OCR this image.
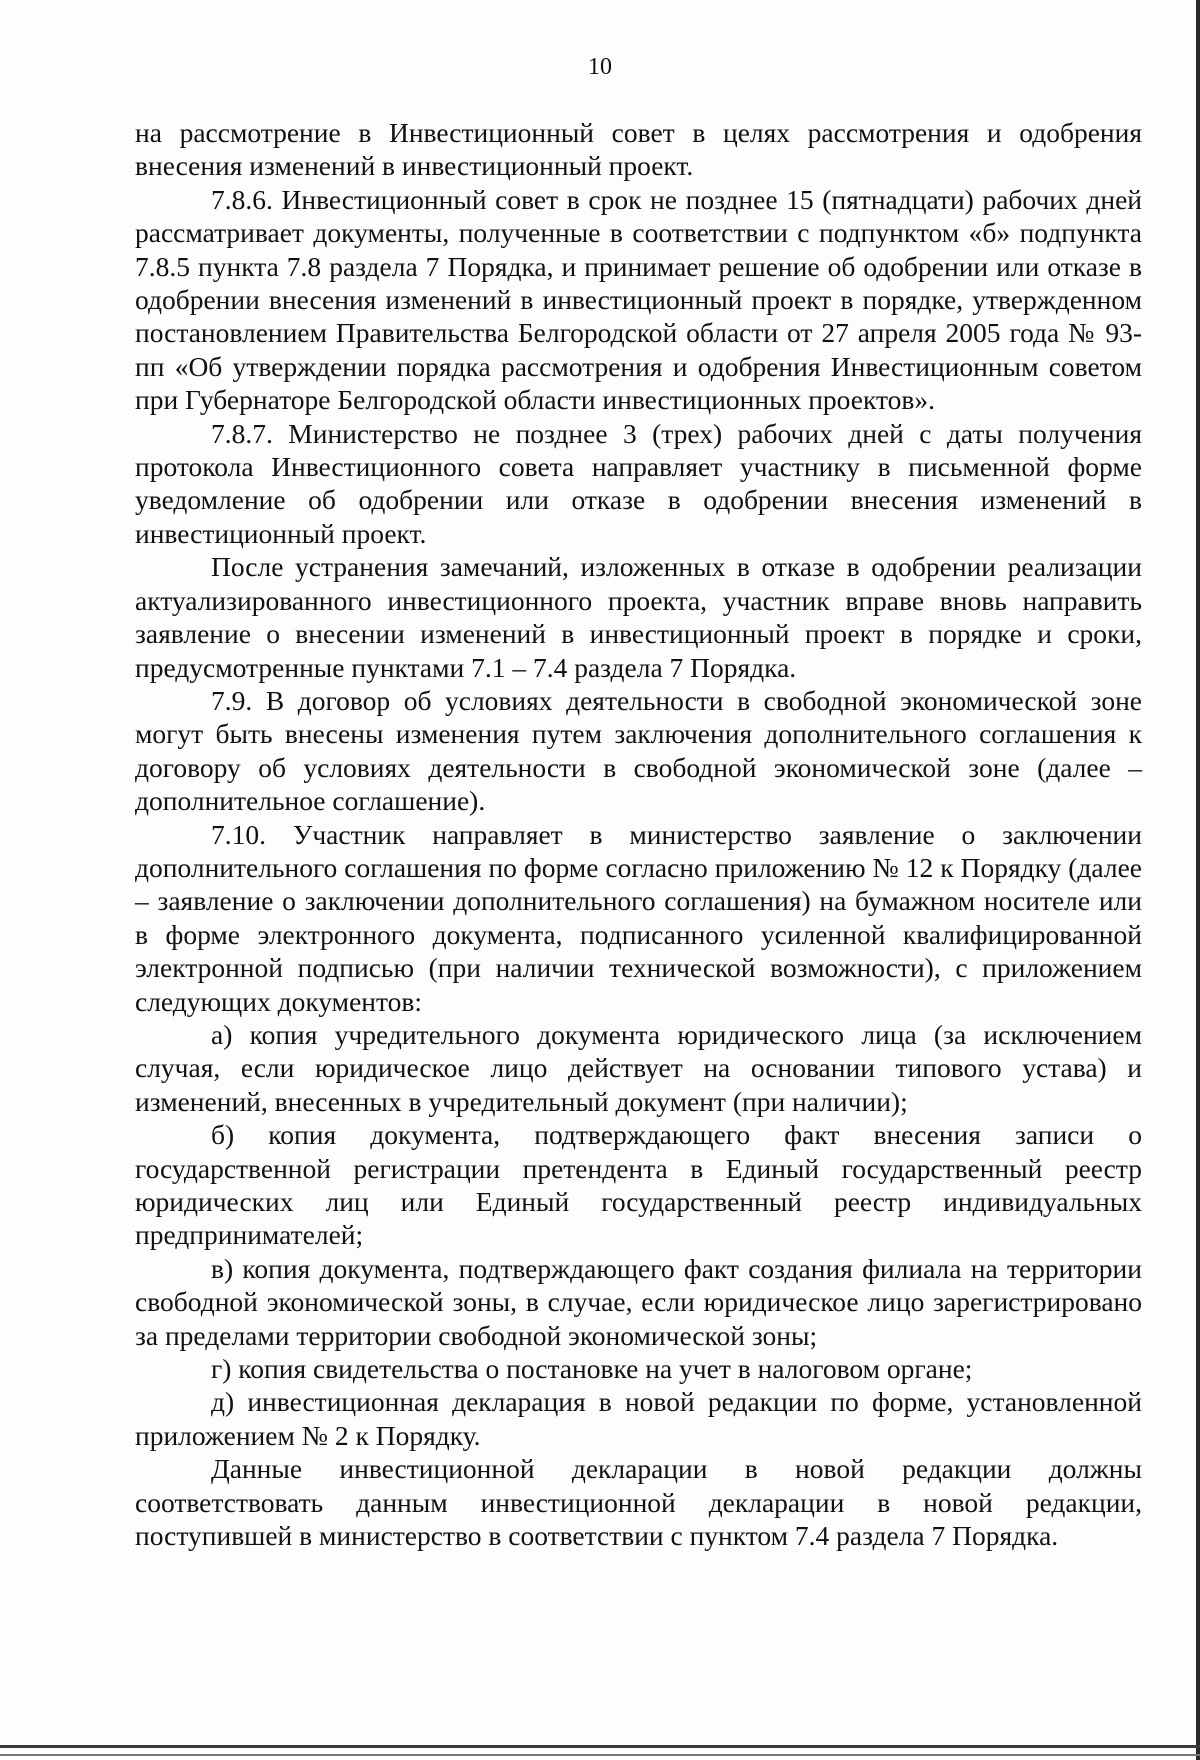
10

на рассмотрение в Инвестиционный совет в целях рассмотрения и одобрения внесения изменений в инвестиционный проект.

7.8.6. Инвестиционный совет в срок не позднее 15 (пятнадцати) рабочих дней рассматривает документы, полученные в соответствии с подпунктом «б» подпункта 7.8.5 пункта 7.8 раздела 7 Порядка, и принимает решение об одобрении или отказе в одобрении внесения изменений в инвестиционный проект в порядке, утвержденном постановлением Правительства Белгородской области от 27 апреля 2005 года № 93-пп «Об утверждении порядка рассмотрения и одобрения Инвестиционным советом при Губернаторе Белгородской области инвестиционных проектов».

7.8.7. Министерство не позднее 3 (трех) рабочих дней с даты получения протокола Инвестиционного совета направляет участнику в письменной форме уведомление об одобрении или отказе в одобрении внесения изменений в инвестиционный проект.

После устранения замечаний, изложенных в отказе в одобрении реализации актуализированного инвестиционного проекта, участник вправе вновь направить заявление о внесении изменений в инвестиционный проект в порядке и сроки, предусмотренные пунктами 7.1 – 7.4 раздела 7 Порядка.

7.9. В договор об условиях деятельности в свободной экономической зоне могут быть внесены изменения путем заключения дополнительного соглашения к договору об условиях деятельности в свободной экономической зоне (далее – дополнительное соглашение).

7.10. Участник направляет в министерство заявление о заключении дополнительного соглашения по форме согласно приложению № 12 к Порядку (далее – заявление о заключении дополнительного соглашения) на бумажном носителе или в форме электронного документа, подписанного усиленной квалифицированной электронной подписью (при наличии технической возможности), с приложением следующих документов:

а) копия учредительного документа юридического лица (за исключением случая, если юридическое лицо действует на основании типового устава) и изменений, внесенных в учредительный документ (при наличии);

б) копия документа, подтверждающего факт внесения записи о государственной регистрации претендента в Единый государственный реестр юридических лиц или Единый государственный реестр индивидуальных предпринимателей;

в) копия документа, подтверждающего факт создания филиала на территории свободной экономической зоны, в случае, если юридическое лицо зарегистрировано за пределами территории свободной экономической зоны;

г) копия свидетельства о постановке на учет в налоговом органе;

д) инвестиционная декларация в новой редакции по форме, установленной приложением № 2 к Порядку.

Данные инвестиционной декларации в новой редакции должны соответствовать данным инвестиционной декларации в новой редакции, поступившей в министерство в соответствии с пунктом 7.4 раздела 7 Порядка.
